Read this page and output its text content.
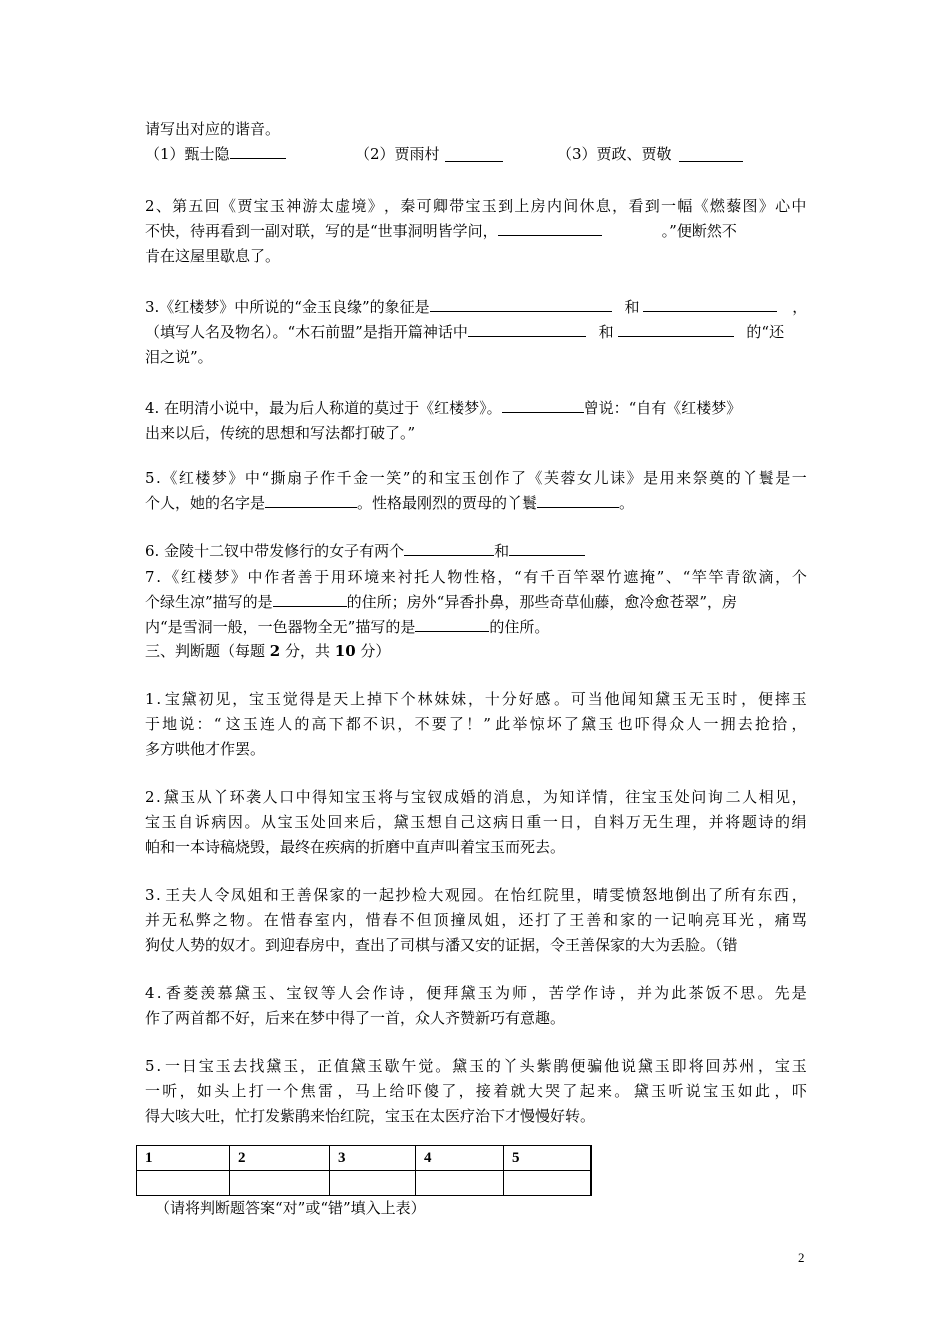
请写出对应的谐音。
（1）甄士隐	（2）贾雨村	（3）贾政、贾敬
2 、 第 五 回 《 贾 宝 玉 神 游 太 虚 境 》 ， 秦 可 卿 带 宝 玉 到 上 房 内 间 休 息 ， 看 到 一 幅 《 燃 藜 图 》 心 中
不快，待再看到一副对联，写的是“世事洞明皆学问，	。”便断然不
肯在这屋里歇息了。
3.《红楼梦》中所说的“金玉良缘”的象征是	和	，
（填写人名及物名）。“木石前盟”是指开篇神话中	和	的“还
泪之说”。
4. 在明清小说中，最为后人称道的莫过于《红楼梦》。	曾说：“自有《红楼梦》
出来以后，传统的思想和写法都打破了。”
5 . 《 红 楼 梦 》 中 “ 撕 扇 子 作 千 金 一 笑 ” 的 和 宝 玉 创 作 了 《 芙 蓉 女 儿 诔 》 是 用 来 祭 奠 的 丫 鬟 是 一
个人，她的名字是	。性格最刚烈的贾母的丫鬟	。
6. 金陵十二钗中带发修行的女子有两个	和
7 . 《 红 楼 梦 》 中 作 者 善 于 用 环 境 来 衬 托 人 物 性 格 ， “ 有 千 百 竿 翠 竹 遮 掩 ” 、 “ 竿 竿 青 欲 滴 ， 个
个绿生凉”描写的是	的住所；房外“异香扑鼻，那些奇草仙藤，愈冷愈苍翠”，房
内“是雪洞一般，一色器物全无”描写的是	的住所。
三、判断题（每题 2 分，共 10 分）
1 . 宝 黛 初 见 ， 宝 玉 觉 得 是 天 上 掉 下 个 林 妹 妹 ， 十 分 好 感 。 可 当 他 闻 知 黛 玉 无 玉 时 ， 便 摔 玉
于 地 说 ： “ 这 玉 连 人 的 高 下 都 不 识 ， 不 要 了 ！ ” 此 举 惊 坏 了 黛 玉 也 吓 得 众 人 一 拥 去 抢 拾 ，
多方哄他才作罢。
2 . 黛 玉 从 丫 环 袭 人 口 中 得 知 宝 玉 将 与 宝 钗 成 婚 的 消 息 ， 为 知 详 情 ， 往 宝 玉 处 问 询 二 人 相 见 ，
宝 玉 自 诉 病 因 。 从 宝 玉 处 回 来 后 ， 黛 玉 想 自 己 这 病 日 重 一 日 ， 自 料 万 无 生 理 ， 并 将 题 诗 的 绢
帕和一本诗稿烧毁，最终在疾病的折磨中直声叫着宝玉而死去。
3 . 王 夫 人 令 凤 姐 和 王 善 保 家 的 一 起 抄 检 大 观 园 。 在 怡 红 院 里 ， 晴 雯 愤 怒 地 倒 出 了 所 有 东 西 ，
并 无 私 弊 之 物 。 在 惜 春 室 内 ， 惜 春 不 但 顶 撞 凤 姐 ， 还 打 了 王 善 和 家 的 一 记 响 亮 耳 光 ， 痛 骂
狗仗人势的奴才。到迎春房中，查出了司棋与潘又安的证据，令王善保家的大为丢脸。（错
4 . 香 菱 羡 慕 黛 玉 、 宝 钗 等 人 会 作 诗 ， 便 拜 黛 玉 为 师 ， 苦 学 作 诗 ， 并 为 此 茶 饭 不 思 。 先 是
作了两首都不好，后来在梦中得了一首，众人齐赞新巧有意趣。
5 . 一 日 宝 玉 去 找 黛 玉 ， 正 值 黛 玉 歇 午 觉 。 黛 玉 的 丫 头 紫 鹃 便 骗 他 说 黛 玉 即 将 回 苏 州 ， 宝 玉
一 听 ， 如 头 上 打 一 个 焦 雷 ， 马 上 给 吓 傻 了 ， 接 着 就 大 哭 了 起 来 。 黛 玉 听 说 宝 玉 如 此 ， 吓
得大咳大吐，忙打发紫鹃来怡红院，宝玉在太医疗治下才慢慢好转。
1	2	3	4	5

（请将判断题答案“对”或“错”填入上表）
2
